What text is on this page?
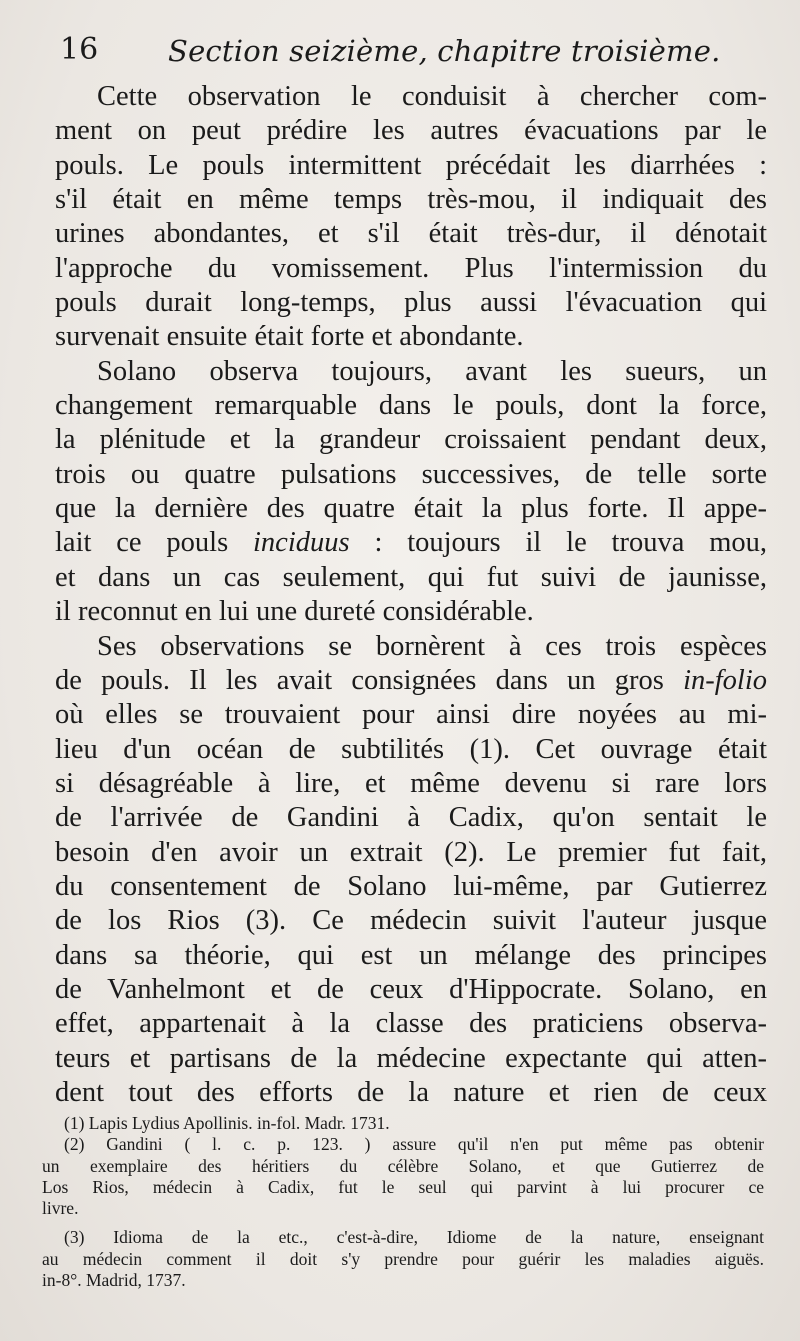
16 Section seizième, chapitre troisième.
Cette observation le conduisit à chercher com-
ment on peut prédire les autres évacuations par le
pouls. Le pouls intermittent précédait les diarrhées :
s'il était en même temps très-mou, il indiquait des
urines abondantes, et s'il était très-dur, il dénotait
l'approche du vomissement. Plus l'intermission du
pouls durait long-temps, plus aussi l'évacuation qui
survenait ensuite était forte et abondante.
Solano observa toujours, avant les sueurs, un
changement remarquable dans le pouls, dont la force,
la plénitude et la grandeur croissaient pendant deux,
trois ou quatre pulsations successives, de telle sorte
que la dernière des quatre était la plus forte. Il appe-
lait ce pouls inciduus : toujours il le trouva mou,
et dans un cas seulement, qui fut suivi de jaunisse,
il reconnut en lui une dureté considérable.
Ses observations se bornèrent à ces trois espèces
de pouls. Il les avait consignées dans un gros in-folio
où elles se trouvaient pour ainsi dire noyées au mi-
lieu d'un océan de subtilités (1). Cet ouvrage était
si désagréable à lire, et même devenu si rare lors
de l'arrivée de Gandini à Cadix, qu'on sentait le
besoin d'en avoir un extrait (2). Le premier fut fait,
du consentement de Solano lui-même, par Gutierrez
de los Rios (3). Ce médecin suivit l'auteur jusque
dans sa théorie, qui est un mélange des principes
de Vanhelmont et de ceux d'Hippocrate. Solano, en
effet, appartenait à la classe des praticiens observa-
teurs et partisans de la médecine expectante qui atten-
dent tout des efforts de la nature et rien de ceux
(1) Lapis Lydius Apollinis. in-fol. Madr. 1731.
(2) Gandini ( l. c. p. 123. ) assure qu'il n'en put même pas obtenir
un exemplaire des héritiers du célèbre Solano, et que Gutierrez de
Los Rios, médecin à Cadix, fut le seul qui parvint à lui procurer ce
livre.
(3) Idioma de la etc., c'est-à-dire, Idiome de la nature, enseignant
au médecin comment il doit s'y prendre pour guérir les maladies aiguës.
in-8°. Madrid, 1737.
